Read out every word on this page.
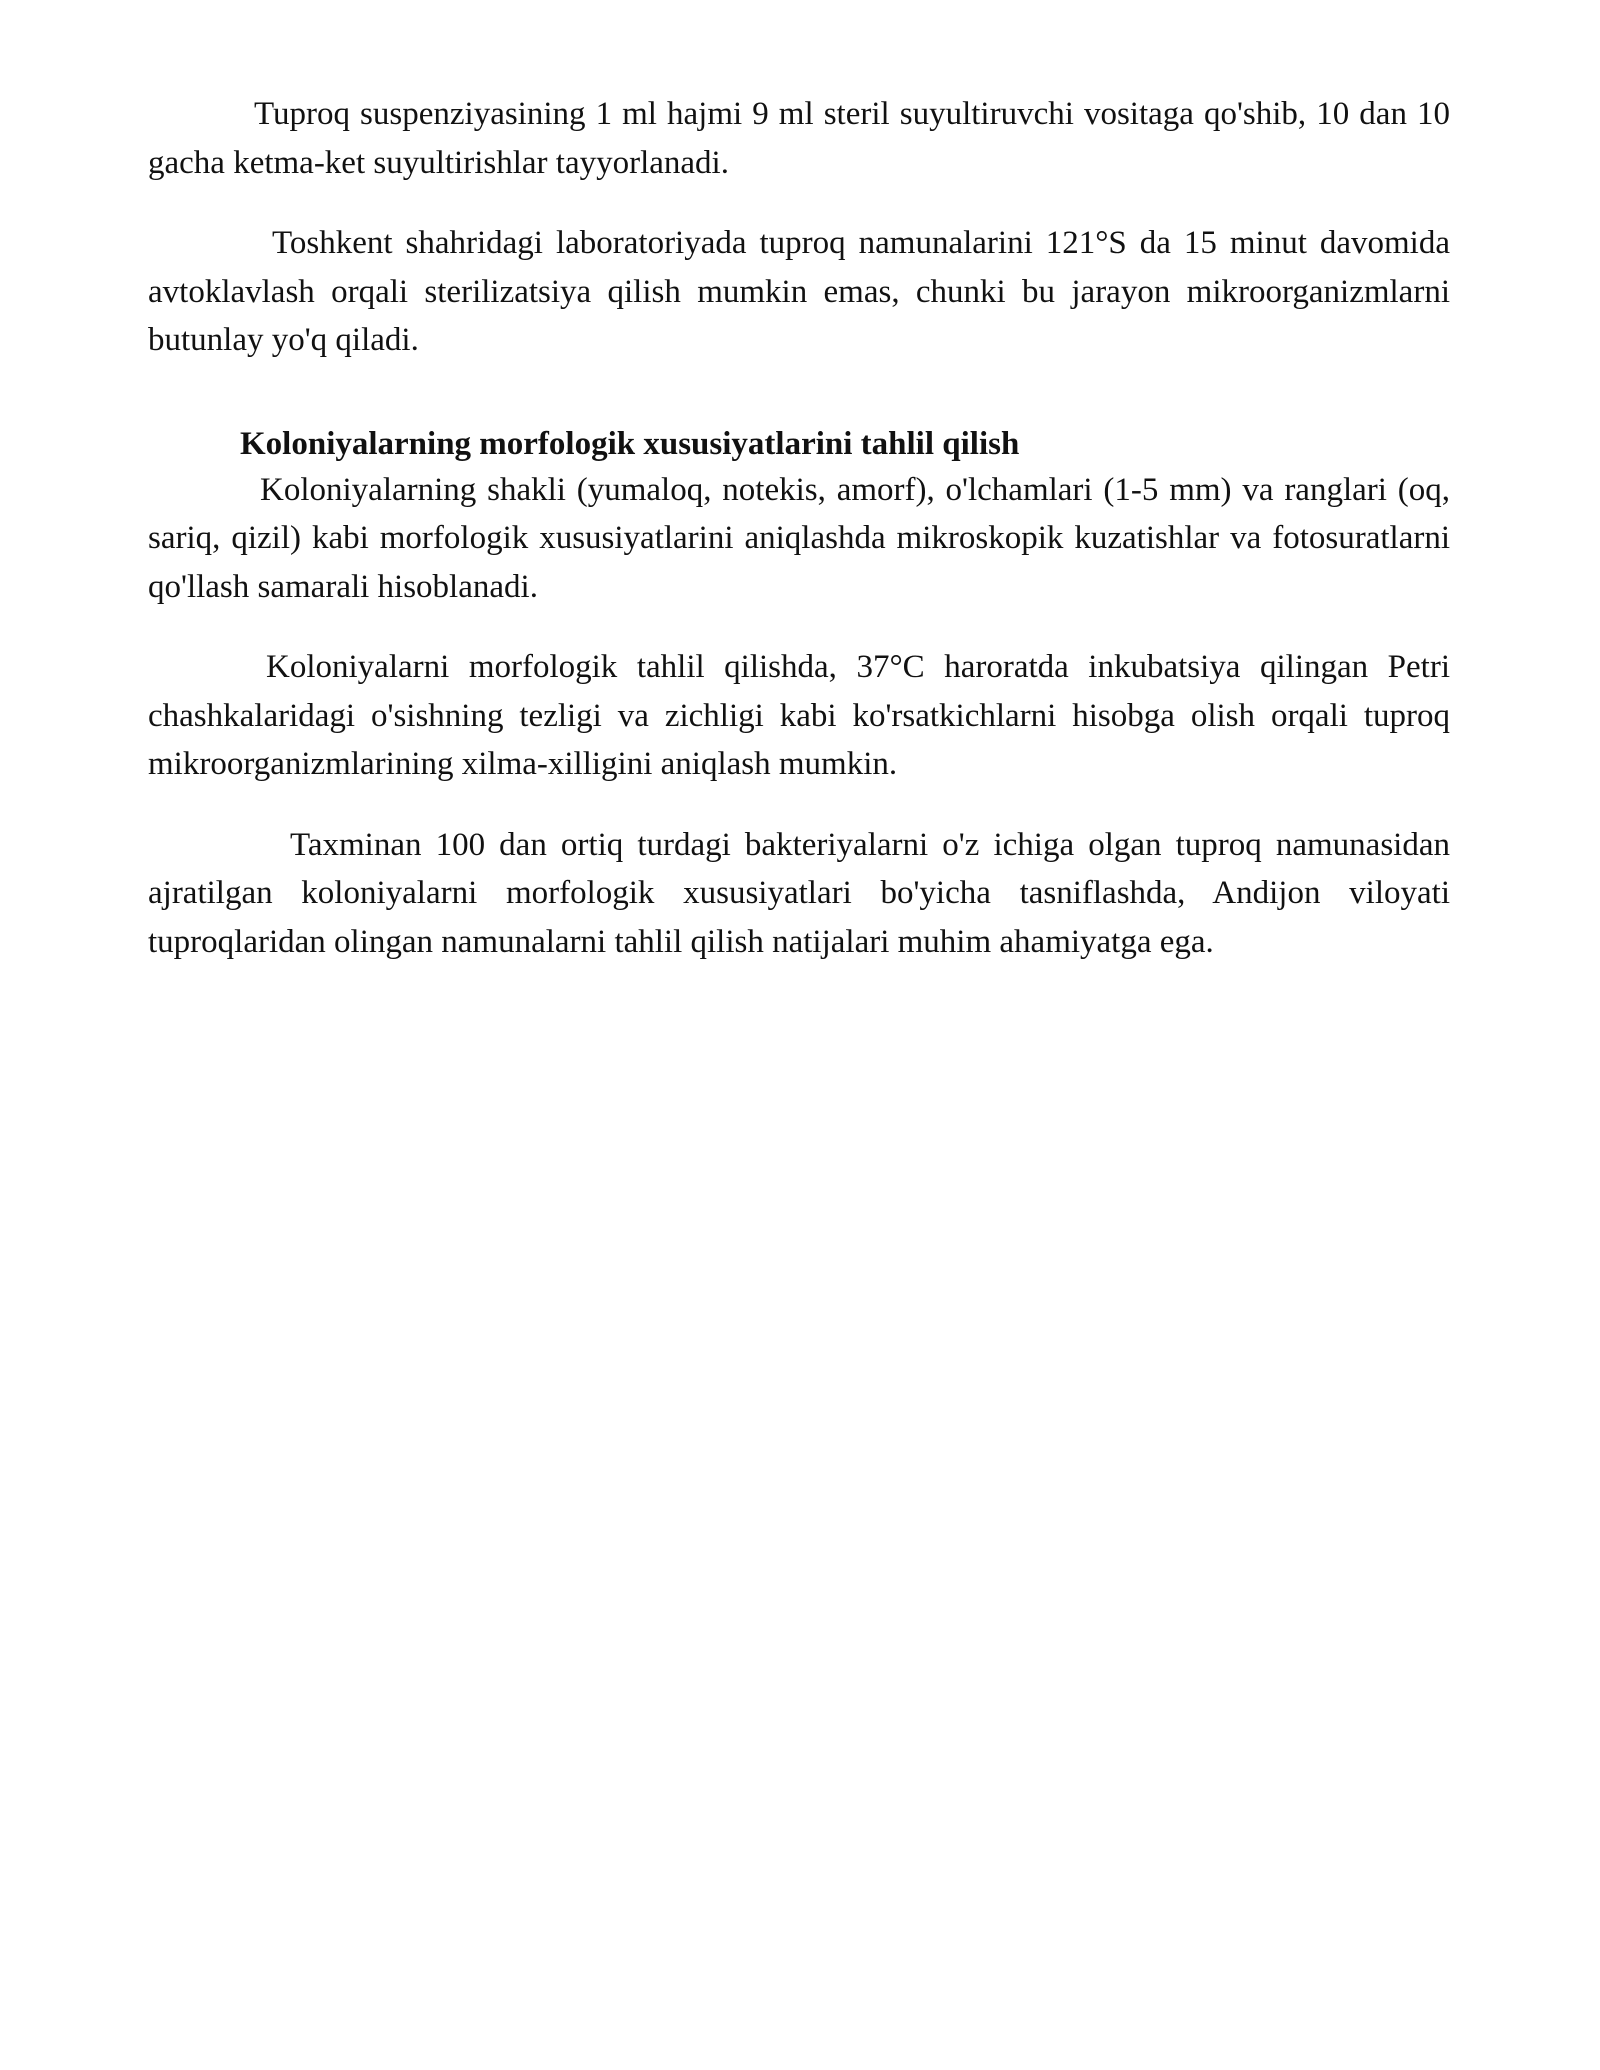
Tuproq suspenziyasining 1 ml hajmi 9 ml steril suyultiruvchi vositaga qo'shib, 10 dan 10 gacha ketma-ket suyultirishlar tayyorlanadi.

Toshkent shahridagi laboratoriyada tuproq namunalarini 121°S da 15 minut davomida avtoklavlash orqali sterilizatsiya qilish mumkin emas, chunki bu jarayon mikroorganizmlarni butunlay yo'q qiladi.

Koloniyalarning morfologik xususiyatlarini tahlil qilish

Koloniyalarning shakli (yumaloq, notekis, amorf), o'lchamlari (1-5 mm) va ranglari (oq, sariq, qizil) kabi morfologik xususiyatlarini aniqlashda mikroskopik kuzatishlar va fotosuratlarni qo'llash samarali hisoblanadi.

Koloniyalarni morfologik tahlil qilishda, 37°C haroratda inkubatsiya qilingan Petri chashkalaridagi o'sishning tezligi va zichligi kabi ko'rsatkichlarni hisobga olish orqali tuproq mikroorganizmlarining xilma-xilligini aniqlash mumkin.

Taxminan 100 dan ortiq turdagi bakteriyalarni o'z ichiga olgan tuproq namunasidan ajratilgan koloniyalarni morfologik xususiyatlari bo'yicha tasniflashda, Andijon viloyati tuproqlaridan olingan namunalarni tahlil qilish natijalari muhim ahamiyatga ega.
